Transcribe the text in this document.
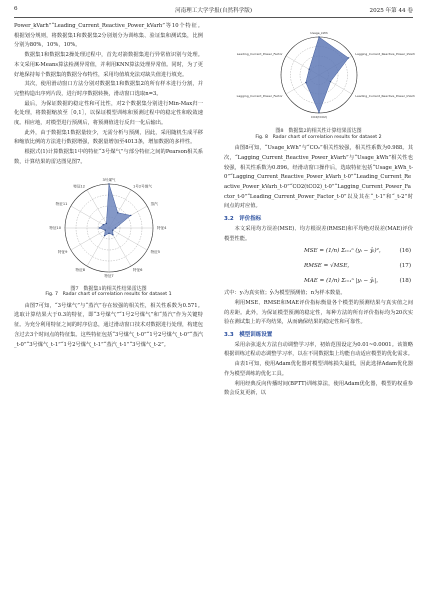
6	河南理工大学学报(自然科学版)	2025 年第 44 卷

Power_kVarh”“Leading_Current_Reactive_Power_kVarh”等10个特征。根据划分规则，将数据集1和数据集2分别划分为训练集、验证集和测试集，比例分别为80%，10%，10%。

数据集1和数据集2操处理过程中，首先对箭数据集进行异常值识别与处理。本文采用K-Means算法检测异常值，并利用KNN算法处理异常值。同时，为了更好地保持每个数据集的数据分布特性，采用均值填充法对缺失值进行填充。

其次，使用滑动窗口方法分别对数据集1和数据集2的所有样本进行分割，并完整构造出序列片段，进行时序数据转换，滑动窗口选取n=3。

最后，为保证数据的稳定性和可比性，对2个数据集分别进行Min-Max归一化处理，将数据缩放至［0,1］，以保证模型训练和预测过程中的稳定性和收敛速度。相应地，对模型进行预测后，将预测值进行反归一化后输出。

此外，由于数据集1数据量较少，无需分析与预测，因此，采用随机生成平移和缩放比例的方法进行数据增强，数据量增加至4013条，增加数据的多样性。

根据式(1)计算数据集1中的特征“3号煤气”与部分特征之间的Pearson相关系数，计算结果的雷达图见图7。

3号煤气
1号2号煤气
蒸汽
特征4
特征5
特征6
特征7
特征8
特征9
特征10
特征11
特征12

图7　数据集1的相关性结果雷达图

Fig. 7　Radar chart of correlation results for dataset 1

由图7可知，“3号煤气”与“蒸汽”存在较强的相关性，相关性系数为0.571。选取计算结果大于0.3的特征，即“3号煤气”“1号2号煤气”和“蒸汽”作为关键特征。为充分利用特征之间的时序信息，通过滑动窗口技术对数据进行处理，构建包含过去3个时间点的特征集。这些特征包括“3号煤气_t-0”“1号2号煤气_t-0”“蒸汽_t-0”“3号煤气_t-1”“1号2号煤气_t-1”“蒸汽_t-1”“3号煤气_t-2”。

Usage_kWh
Lagging_Current_Reactive_Power_kVarh
Leading_Current_Reactive_Power_kVarh
CO2(tCO2)
Lagging_Current_Power_Factor
Leading_Current_Power_Factor

图8　数据集2的相关性计算结果雷达图

Fig. 8　Radar chart of correlation results for dataset 2

由图8可知，“Usage_kWh”与“CO₂”相关性较强，相关性系数为0.988。其次，“Lagging_Current_Reactive_Power_kVarh”与“Usage_kWh”相关性也较强，相关性系数为0.896。经滑动窗口操作后，选取特征包括“Usage_kWh_t-0”“Lagging_Current_Reactive_Power_kVarh_t-0”“Leading_Current_Reactive_Power_kVarh_t-0”“CO2(tCO2)_t-0”“Lagging_Current_Power_Factor_t-0”“Leading_Current_Power_Factor_t-0”以及其在“_t-1”和“_t-2”时间点的对应值。

3.2　评价指标

本文采用均方误差(MSE)、均方根误差(RMSE)和平均绝对误差(MAE)评价模型性能。

MSE = (1/n) Σᵢ₌₁ⁿ (yᵢ − ŷᵢ)²，	(16)
RMSE = √MSE，	(17)
MAE = (1/n) Σᵢ₌₁ⁿ |yᵢ − ŷᵢ|，	(18)

式中：yᵢ为真实值；ŷᵢ为模型预测值；n为样本数量。

利用MSE、RMSE和MAE评价指标衡量各个模型的预测结果与真实值之间的差距。此外，为保证模型预测的稳定性，每种方法的所有评价指标均为20次实验在测试集上的平均结果，从而确保结果的稳定性和可靠性。

3.3　模型训练设置

采用余弦退火方法自动调整学习率，初始范围设定为0.01~0.0001。该策略根据训练过程动态调整学习率，以在不同数据集上均能自动适应模型的优化需求。

由表1可知，使用Adam优化器对模型训练损失最低，因此选择Adam优化器作为模型训练的优化工具。

利用经典反向传播时间(BPTT)训练算法，使用Adam优化器，模型的权重参数会反复更新，以
